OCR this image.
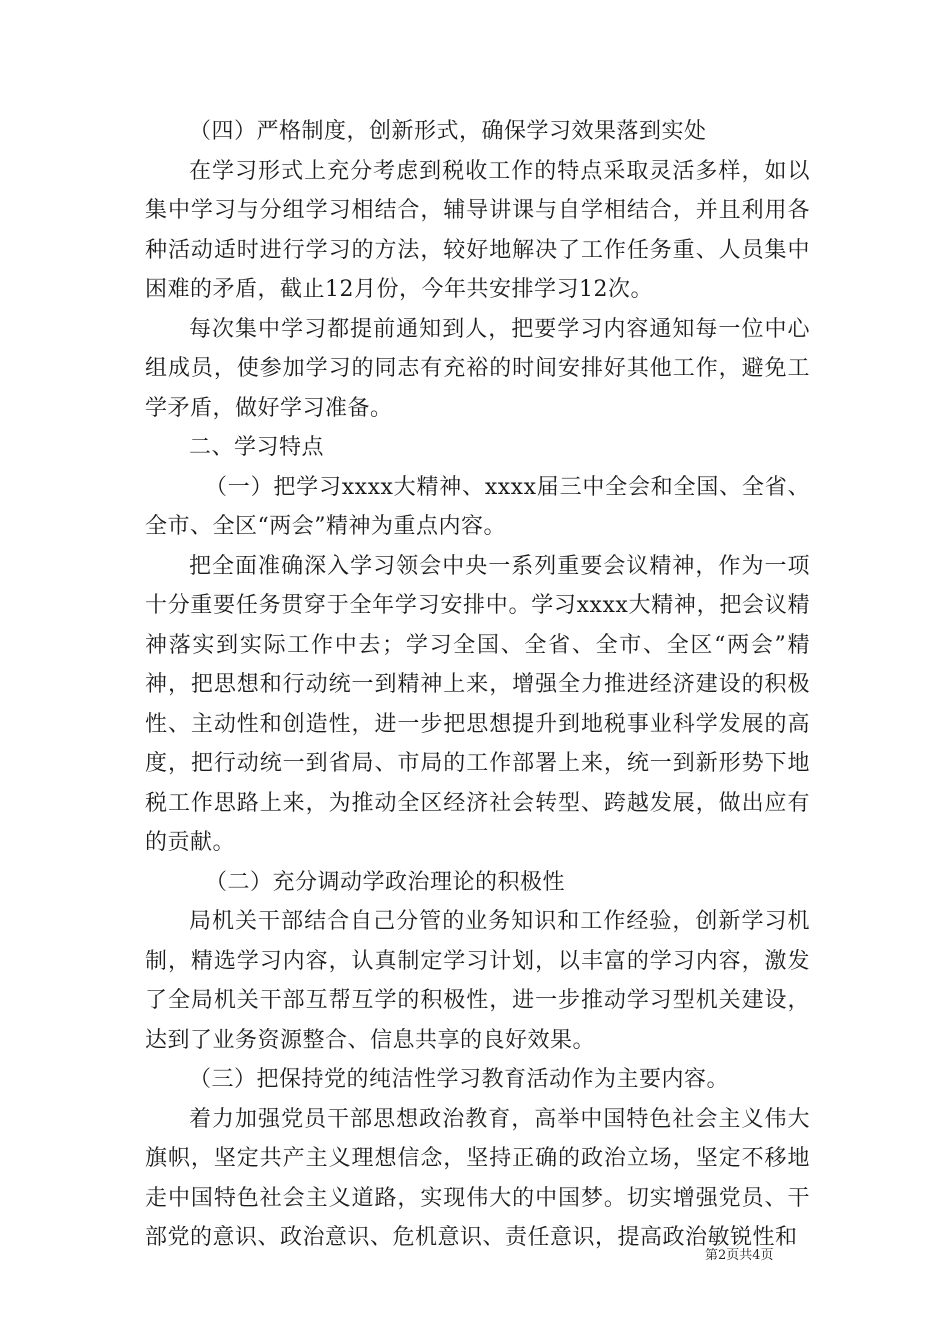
（四）严格制度，创新形式，确保学习效果落到实处

在学习形式上充分考虑到税收工作的特点采取灵活多样，如以集中学习与分组学习相结合，辅导讲课与自学相结合，并且利用各种活动适时进行学习的方法，较好地解决了工作任务重、人员集中困难的矛盾，截止12月份，今年共安排学习12次。

每次集中学习都提前通知到人，把要学习内容通知每一位中心组成员，使参加学习的同志有充裕的时间安排好其他工作，避免工学矛盾，做好学习准备。

二、学习特点

（一）把学习xxxx大精神、xxxx届三中全会和全国、全省、全市、全区“两会”精神为重点内容。

把全面准确深入学习领会中央一系列重要会议精神，作为一项十分重要任务贯穿于全年学习安排中。学习xxxx大精神，把会议精神落实到实际工作中去；学习全国、全省、全市、全区“两会”精神，把思想和行动统一到精神上来，增强全力推进经济建设的积极性、主动性和创造性，进一步把思想提升到地税事业科学发展的高度，把行动统一到省局、市局的工作部署上来，统一到新形势下地税工作思路上来，为推动全区经济社会转型、跨越发展，做出应有的贡献。

（二）充分调动学政治理论的积极性

局机关干部结合自己分管的业务知识和工作经验，创新学习机制，精选学习内容，认真制定学习计划，以丰富的学习内容，激发了全局机关干部互帮互学的积极性，进一步推动学习型机关建设，达到了业务资源整合、信息共享的良好效果。

（三）把保持党的纯洁性学习教育活动作为主要内容。

着力加强党员干部思想政治教育，高举中国特色社会主义伟大旗帜，坚定共产主义理想信念，坚持正确的政治立场，坚定不移地走中国特色社会主义道路，实现伟大的中国梦。切实增强党员、干部党的意识、政治意识、危机意识、责任意识，提高政治敏锐性和

第2页共4页
